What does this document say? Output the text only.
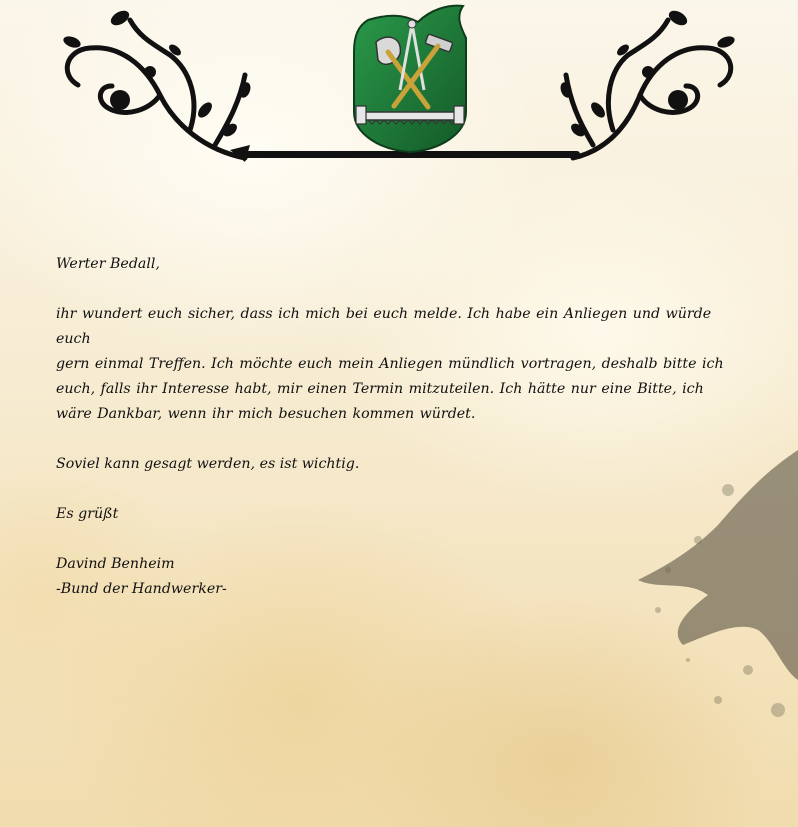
Werter Bedall,

ihr wundert euch sicher, dass ich mich bei euch melde. Ich habe ein Anliegen und würde euch

gern einmal Treffen. Ich möchte euch mein Anliegen mündlich vortragen, deshalb bitte ich

euch, falls ihr Interesse habt, mir einen Termin mitzuteilen. Ich hätte nur eine Bitte, ich

wäre Dankbar, wenn ihr mich besuchen kommen würdet.

Soviel kann gesagt werden, es ist wichtig.

Es grüßt

Davind Benheim

-Bund der Handwerker-
